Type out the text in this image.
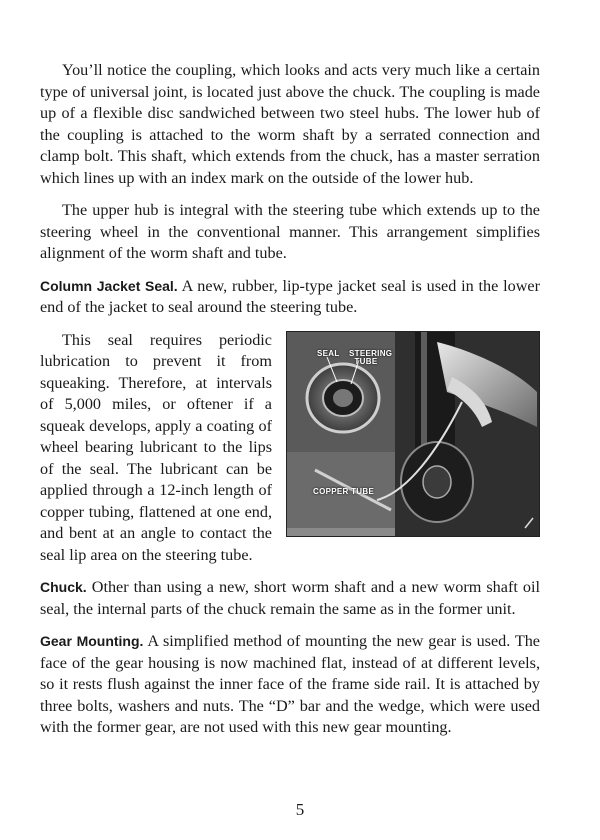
You’ll notice the coupling, which looks and acts very much like a certain type of universal joint, is located just above the chuck. The coupling is made up of a flexible disc sandwiched between two steel hubs. The lower hub of the coupling is attached to the worm shaft by a serrated connection and clamp bolt. This shaft, which extends from the chuck, has a master serration which lines up with an index mark on the outside of the lower hub.

The upper hub is integral with the steering tube which extends up to the steering wheel in the conventional manner. This arrangement simplifies alignment of the worm shaft and tube.

Column Jacket Seal. A new, rubber, lip-type jacket seal is used in the lower end of the jacket to seal around the steering tube.

SEAL STEERING TUBE
COPPER TUBE

This seal requires periodic lubrication to prevent it from squeaking. Therefore, at intervals of 5,000 miles, or oftener if a squeak develops, apply a coating of wheel bearing lubricant to the lips of the seal. The lubricant can be applied through a 12-inch length of copper tubing, flattened at one end, and bent at an angle to contact the seal lip area on the steering tube.

Chuck. Other than using a new, short worm shaft and a new worm shaft oil seal, the internal parts of the chuck remain the same as in the former unit.

Gear Mounting. A simplified method of mounting the new gear is used. The face of the gear housing is now machined flat, instead of at different levels, so it rests flush against the inner face of the frame side rail. It is attached by three bolts, washers and nuts. The “D” bar and the wedge, which were used with the former gear, are not used with this new gear mounting.

5
